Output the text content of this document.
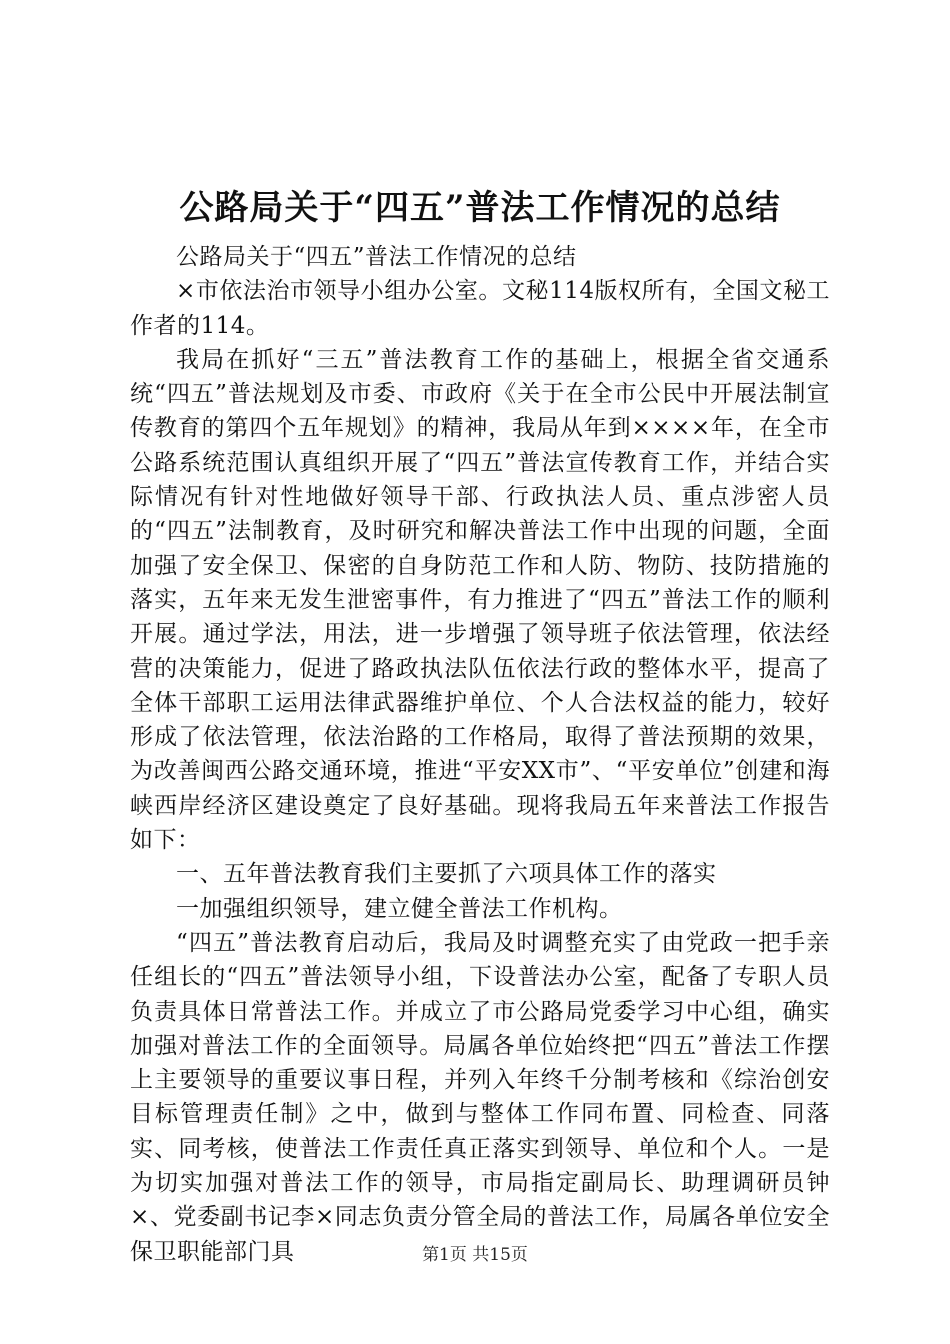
公路局关于“四五”普法工作情况的总结

公路局关于“四五”普法工作情况的总结

×市依法治市领导小组办公室。文秘114版权所有，全国文秘工作者的114。

我局在抓好“三五”普法教育工作的基础上，根据全省交通系统“四五”普法规划及市委、市政府《关于在全市公民中开展法制宣传教育的第四个五年规划》的精神，我局从年到××××年，在全市公路系统范围认真组织开展了“四五”普法宣传教育工作，并结合实际情况有针对性地做好领导干部、行政执法人员、重点涉密人员的“四五”法制教育，及时研究和解决普法工作中出现的问题，全面加强了安全保卫、保密的自身防范工作和人防、物防、技防措施的落实，五年来无发生泄密事件，有力推进了“四五”普法工作的顺利开展。通过学法，用法，进一步增强了领导班子依法管理，依法经营的决策能力，促进了路政执法队伍依法行政的整体水平，提高了全体干部职工运用法律武器维护单位、个人合法权益的能力，较好形成了依法管理，依法治路的工作格局，取得了普法预期的效果，为改善闽西公路交通环境，推进“平安XX市”、“平安单位”创建和海峡西岸经济区建设奠定了良好基础。现将我局五年来普法工作报告如下：

一、五年普法教育我们主要抓了六项具体工作的落实

一加强组织领导，建立健全普法工作机构。

“四五”普法教育启动后，我局及时调整充实了由党政一把手亲任组长的“四五”普法领导小组，下设普法办公室，配备了专职人员负责具体日常普法工作。并成立了市公路局党委学习中心组，确实加强对普法工作的全面领导。局属各单位始终把“四五”普法工作摆上主要领导的重要议事日程，并列入年终千分制考核和《综治创安目标管理责任制》之中，做到与整体工作同布置、同检查、同落实、同考核，使普法工作责任真正落实到领导、单位和个人。一是为切实加强对普法工作的领导，市局指定副局长、助理调研员钟×、党委副书记李×同志负责分管全局的普法工作，局属各单位安全保卫职能部门具	第1页 共15页
